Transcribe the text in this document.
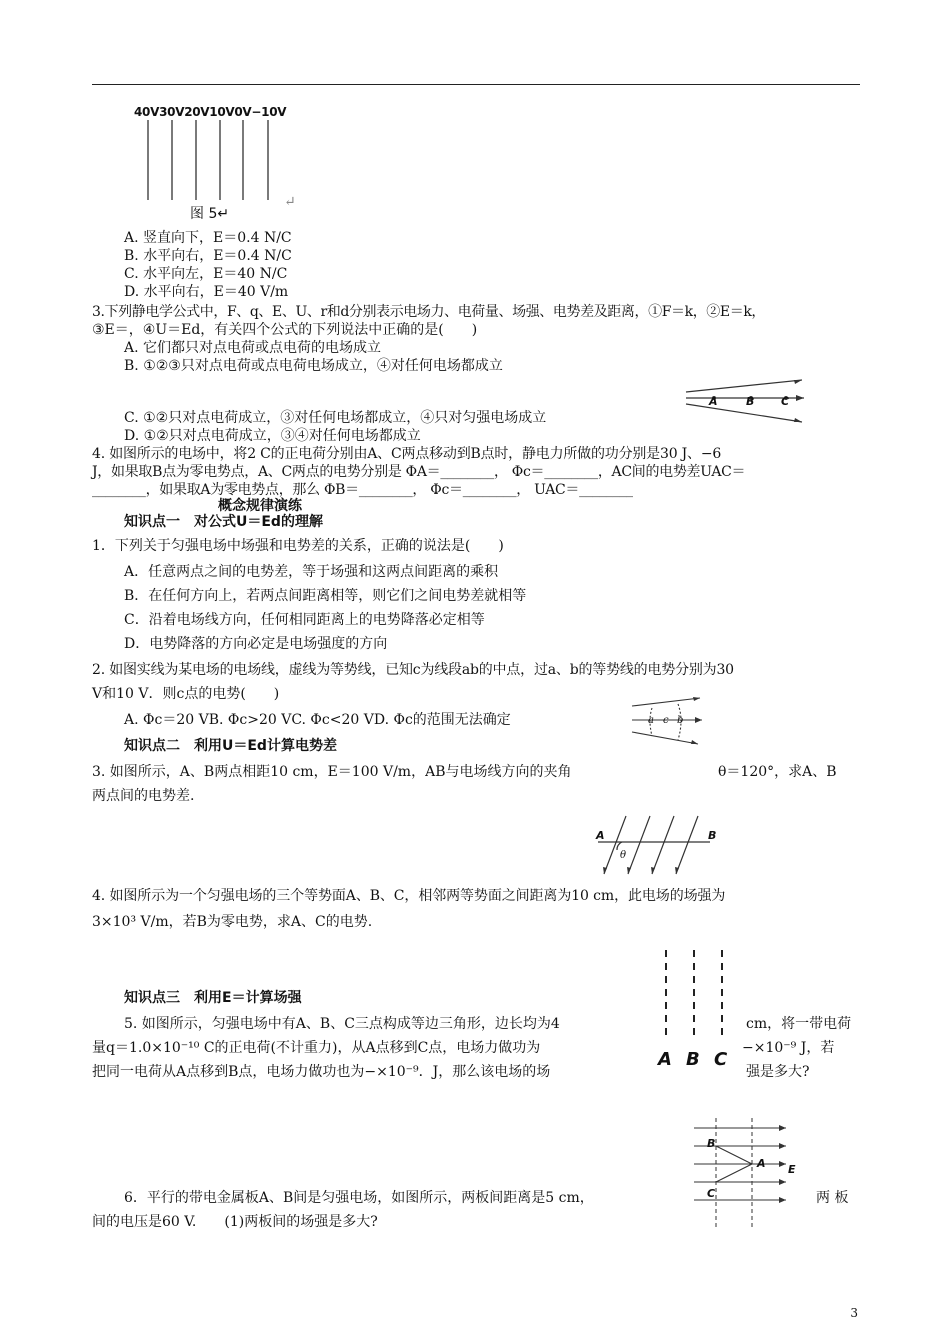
40V30V20V10V0V−10V
图 5↵
↵
A. 竖直向下，E＝0.4 N/C
B. 水平向右，E＝0.4 N/C
C. 水平向左，E＝40 N/C
D. 水平向右，E＝40 V/m
3.下列静电学公式中，F、q、E、U、r和d分别表示电场力、电荷量、场强、电势差及距离，①F＝k，②E＝k，
③E＝，④U＝Ed，有关四个公式的下列说法中正确的是(　　)
A. 它们都只对点电荷或点电荷的电场成立
B. ①②③只对点电荷或点电荷电场成立，④对任何电场都成立
A	B C
C. ①②只对点电荷成立，③对任何电场都成立，④只对匀强电场成立
D. ①②只对点电荷成立，③④对任何电场都成立
4. 如图所示的电场中，将2 C的正电荷分别由A、C两点移动到B点时，静电力所做的功分别是30 J、−6
J，如果取B点为零电势点，A、C两点的电势分别是 ΦA＝________， Φc＝________，AC间的电势差UAC＝
________，如果取A为零电势点，那么 ΦB＝________， Φc＝________， UAC＝________
概念规律演练
知识点一　对公式U＝Ed的理解
1．下列关于匀强电场中场强和电势差的关系，正确的说法是(　　)
A．任意两点之间的电势差，等于场强和这两点间距离的乘积
B．在任何方向上，若两点间距离相等，则它们之间电势差就相等
C．沿着电场线方向，任何相同距离上的电势降落必定相等
D．电势降落的方向必定是电场强度的方向
2. 如图实线为某电场的电场线，虚线为等势线，已知c为线段ab的中点，过a、b的等势线的电势分别为30
V和10 V．则c点的电势(　　)
A. Φc＝20 VB. Φc>20 VC. Φc<20 VD. Φc的范围无法确定	a c b
知识点二　利用U＝Ed计算电势差
3. 如图所示，A、B两点相距10 cm，E＝100 V/m，AB与电场线方向的夹角	θ＝120°，求A、B
两点间的电势差.
A	B
θ
4. 如图所示为一个匀强电场的三个等势面A、B、C，相邻两等势面之间距离为10 cm，此电场的场强为
3×10³ V/m，若B为零电势，求A、C的电势.
A B C
知识点三　利用E＝计算场强
5. 如图所示，匀强电场中有A、B、C三点构成等边三角形，边长均为4	cm，将一带电荷
量q＝1.0×10⁻¹⁰ C的正电荷(不计重力)，从A点移到C点，电场力做功为	−×10⁻⁹ J，若
把同一电荷从A点移到B点，电场力做功也为−×10⁻⁹．J，那么该电场的场	强是多大?
B
A E
C
6．平行的带电金属板A、B间是匀强电场，如图所示，两板间距离是5 cm，	两 板
间的电压是60 V.　　(1)两板间的场强是多大?
3
